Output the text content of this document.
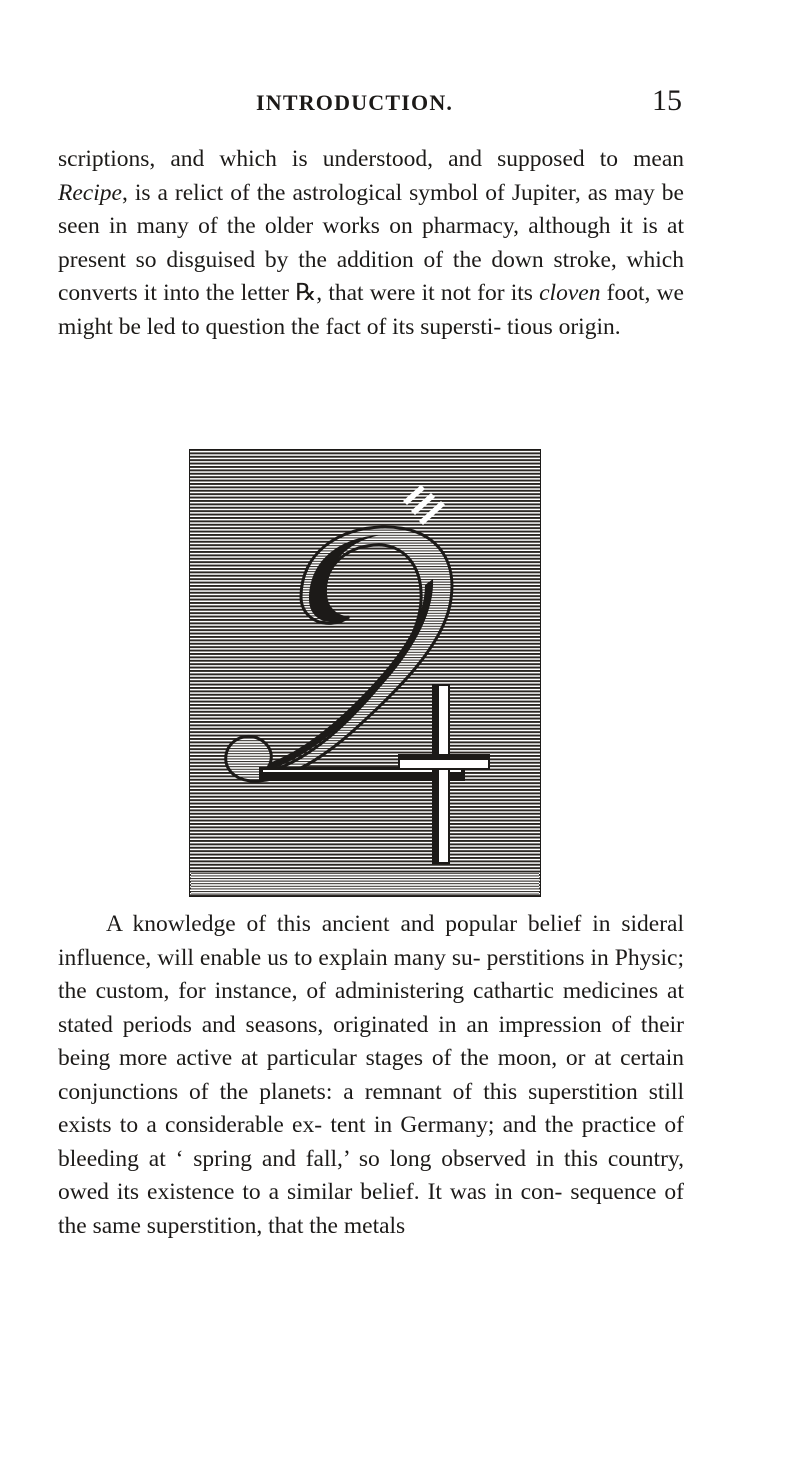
INTRODUCTION.	15

scriptions, and which is understood, and supposed to mean Recipe, is a relict of the astrological symbol of Jupiter, as may be seen in many of the older works on pharmacy, although it is at present so disguised by the addition of the down stroke, which converts it into the letter ℞, that were it not for its cloven foot, we might be led to question the fact of its supersti- tious origin.

A knowledge of this ancient and popular belief in sideral influence, will enable us to explain many su- perstitions in Physic; the custom, for instance, of administering cathartic medicines at stated periods and seasons, originated in an impression of their being more active at particular stages of the moon, or at certain conjunctions of the planets: a remnant of this superstition still exists to a considerable ex- tent in Germany; and the practice of bleeding at ‘ spring and fall,’ so long observed in this country, owed its existence to a similar belief. It was in con- sequence of the same superstition, that the metals
